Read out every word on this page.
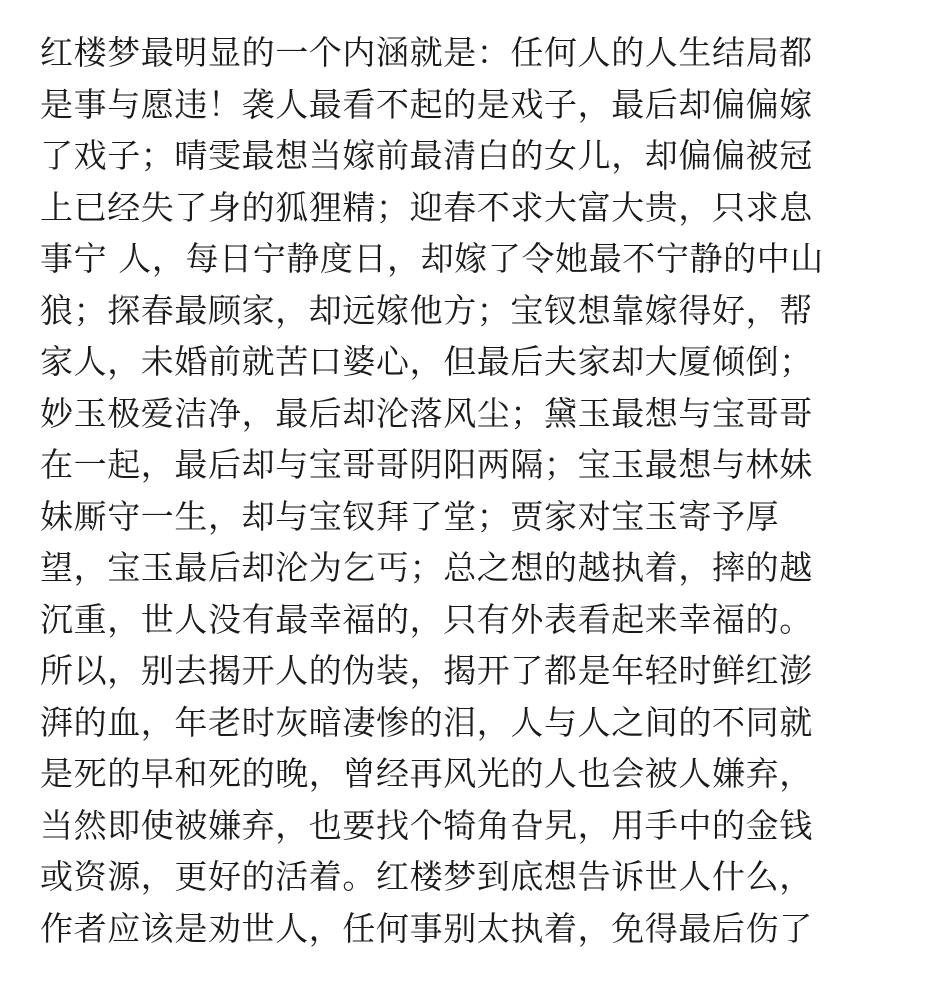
红楼梦最明显的一个内涵就是：任何人的人生结局都
是事与愿违！袭人最看不起的是戏子，最后却偏偏嫁
了戏子；晴雯最想当嫁前最清白的女儿，却偏偏被冠
上已经失了身的狐狸精；迎春不求大富大贵，只求息
事宁 人，每日宁静度日，却嫁了令她最不宁静的中山
狼；探春最顾家，却远嫁他方；宝钗想靠嫁得好，帮
家人，未婚前就苦口婆心，但最后夫家却大厦倾倒；
妙玉极爱洁净，最后却沦落风尘；黛玉最想与宝哥哥
在一起，最后却与宝哥哥阴阳两隔；宝玉最想与林妹
妹厮守一生，却与宝钗拜了堂；贾家对宝玉寄予厚
望，宝玉最后却沦为乞丐；总之想的越执着，摔的越
沉重，世人没有最幸福的，只有外表看起来幸福的。
所以，别去揭开人的伪装，揭开了都是年轻时鲜红澎
湃的血，年老时灰暗凄惨的泪，人与人之间的不同就
是死的早和死的晚，曾经再风光的人也会被人嫌弃，
当然即使被嫌弃，也要找个犄角旮旯，用手中的金钱
或资源，更好的活着。红楼梦到底想告诉世人什么，
作者应该是劝世人，任何事别太执着，免得最后伤了
